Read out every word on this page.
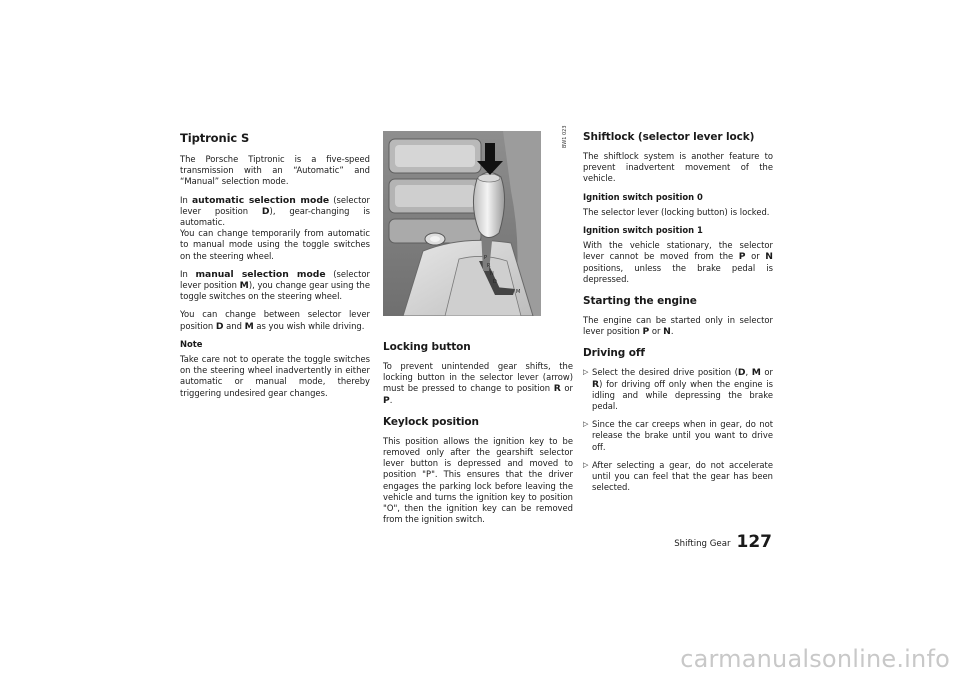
Tiptronic S

The Porsche Tiptronic is a five-speed transmission with an “Automatic” and “Manual” selection mode.

In automatic selection mode (selector lever position D), gear-changing is automatic.

You can change temporarily from automatic to manual mode using the toggle switches on the steering wheel.

In manual selection mode (selector lever position M), you change gear using the toggle switches on the steering wheel.

You can change between selector lever position D and M as you wish while driving.

Note

Take care not to operate the toggle switches on the steering wheel inadvertently in either automatic or manual mode, thereby triggering undesired gear changes.

P
R
N
D
M
BW1 023
Locking button

To prevent unintended gear shifts, the locking button in the selector lever (arrow) must be pressed to change to position R or P.

Keylock position

This position allows the ignition key to be removed only after the gearshift selector lever button is depressed and moved to position "P". This ensures that the driver engages the parking lock before leaving the vehicle and turns the ignition key to position "O", then the ignition key can be removed from the ignition switch.

Shiftlock (selector lever lock)

The shiftlock system is another feature to prevent inadvertent movement of the vehicle.

Ignition switch position 0

The selector lever (locking button) is locked.

Ignition switch position 1

With the vehicle stationary, the selector lever cannot be moved from the P or N positions, unless the brake pedal is depressed.

Starting the engine

The engine can be started only in selector lever position P or N.

Driving off
▷ Select the desired drive position (D, M or R) for driving off only when the engine is idling and while depressing the brake pedal.
▷ Since the car creeps when in gear, do not release the brake until you want to drive off.
▷ After selecting a gear, do not accelerate until you can feel that the gear has been selected.
Shifting Gear 127
carmanualsonline.info
